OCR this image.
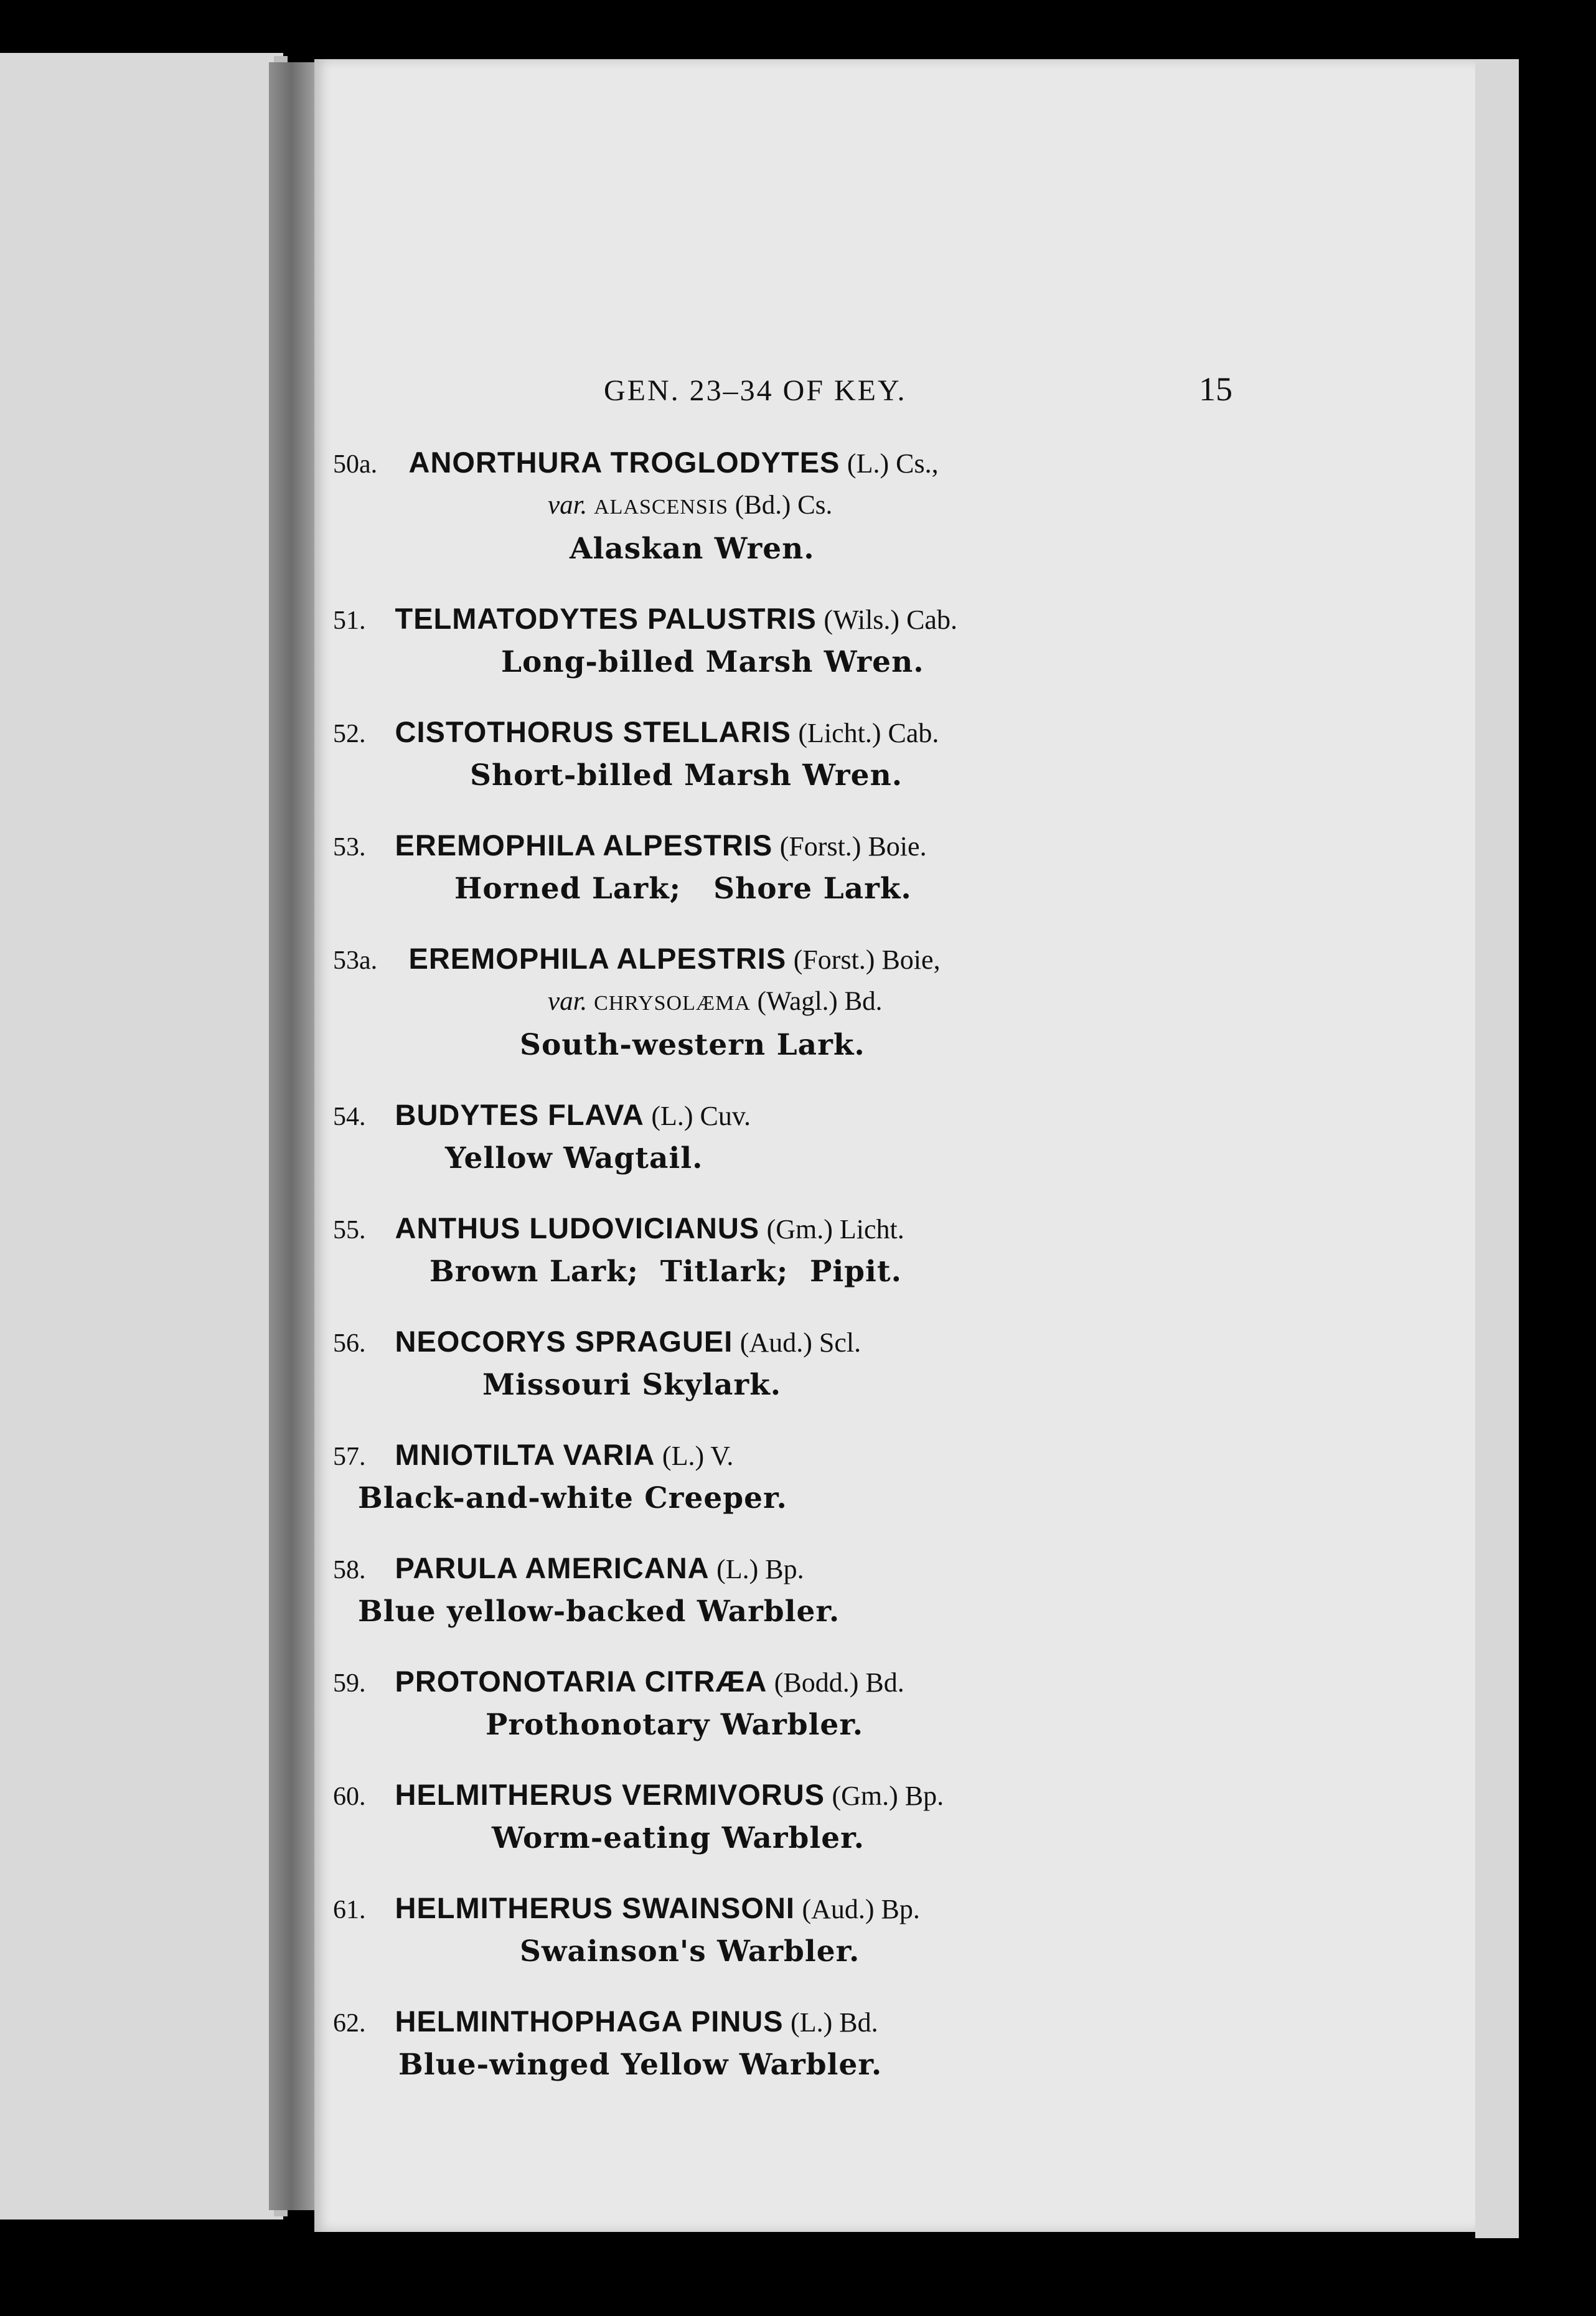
GEN. 23–34 OF KEY.	15
50a. ANORTHURA TROGLODYTES (L.) Cs.,
var. ALASCENSIS (Bd.) Cs.
Alaskan Wren.
51. TELMATODYTES PALUSTRIS (Wils.) Cab.
Long-billed Marsh Wren.
52. CISTOTHORUS STELLARIS (Licht.) Cab.
Short-billed Marsh Wren.
53. EREMOPHILA ALPESTRIS (Forst.) Boie.
Horned Lark;   Shore Lark.
53a. EREMOPHILA ALPESTRIS (Forst.) Boie,
var. CHRYSOLÆMA (Wagl.) Bd.
South-western Lark.
54. BUDYTES FLAVA (L.) Cuv.
Yellow Wagtail.
55. ANTHUS LUDOVICIANUS (Gm.) Licht.
Brown Lark;  Titlark;  Pipit.
56. NEOCORYS SPRAGUEI (Aud.) Scl.
Missouri Skylark.
57. MNIOTILTA VARIA (L.) V.
Black-and-white Creeper.
58. PARULA AMERICANA (L.) Bp.
Blue yellow-backed Warbler.
59. PROTONOTARIA CITRÆA (Bodd.) Bd.
Prothonotary Warbler.
60. HELMITHERUS VERMIVORUS (Gm.) Bp.
Worm-eating Warbler.
61. HELMITHERUS SWAINSONI (Aud.) Bp.
Swainson's Warbler.
62. HELMINTHOPHAGA PINUS (L.) Bd.
Blue-winged Yellow Warbler.
